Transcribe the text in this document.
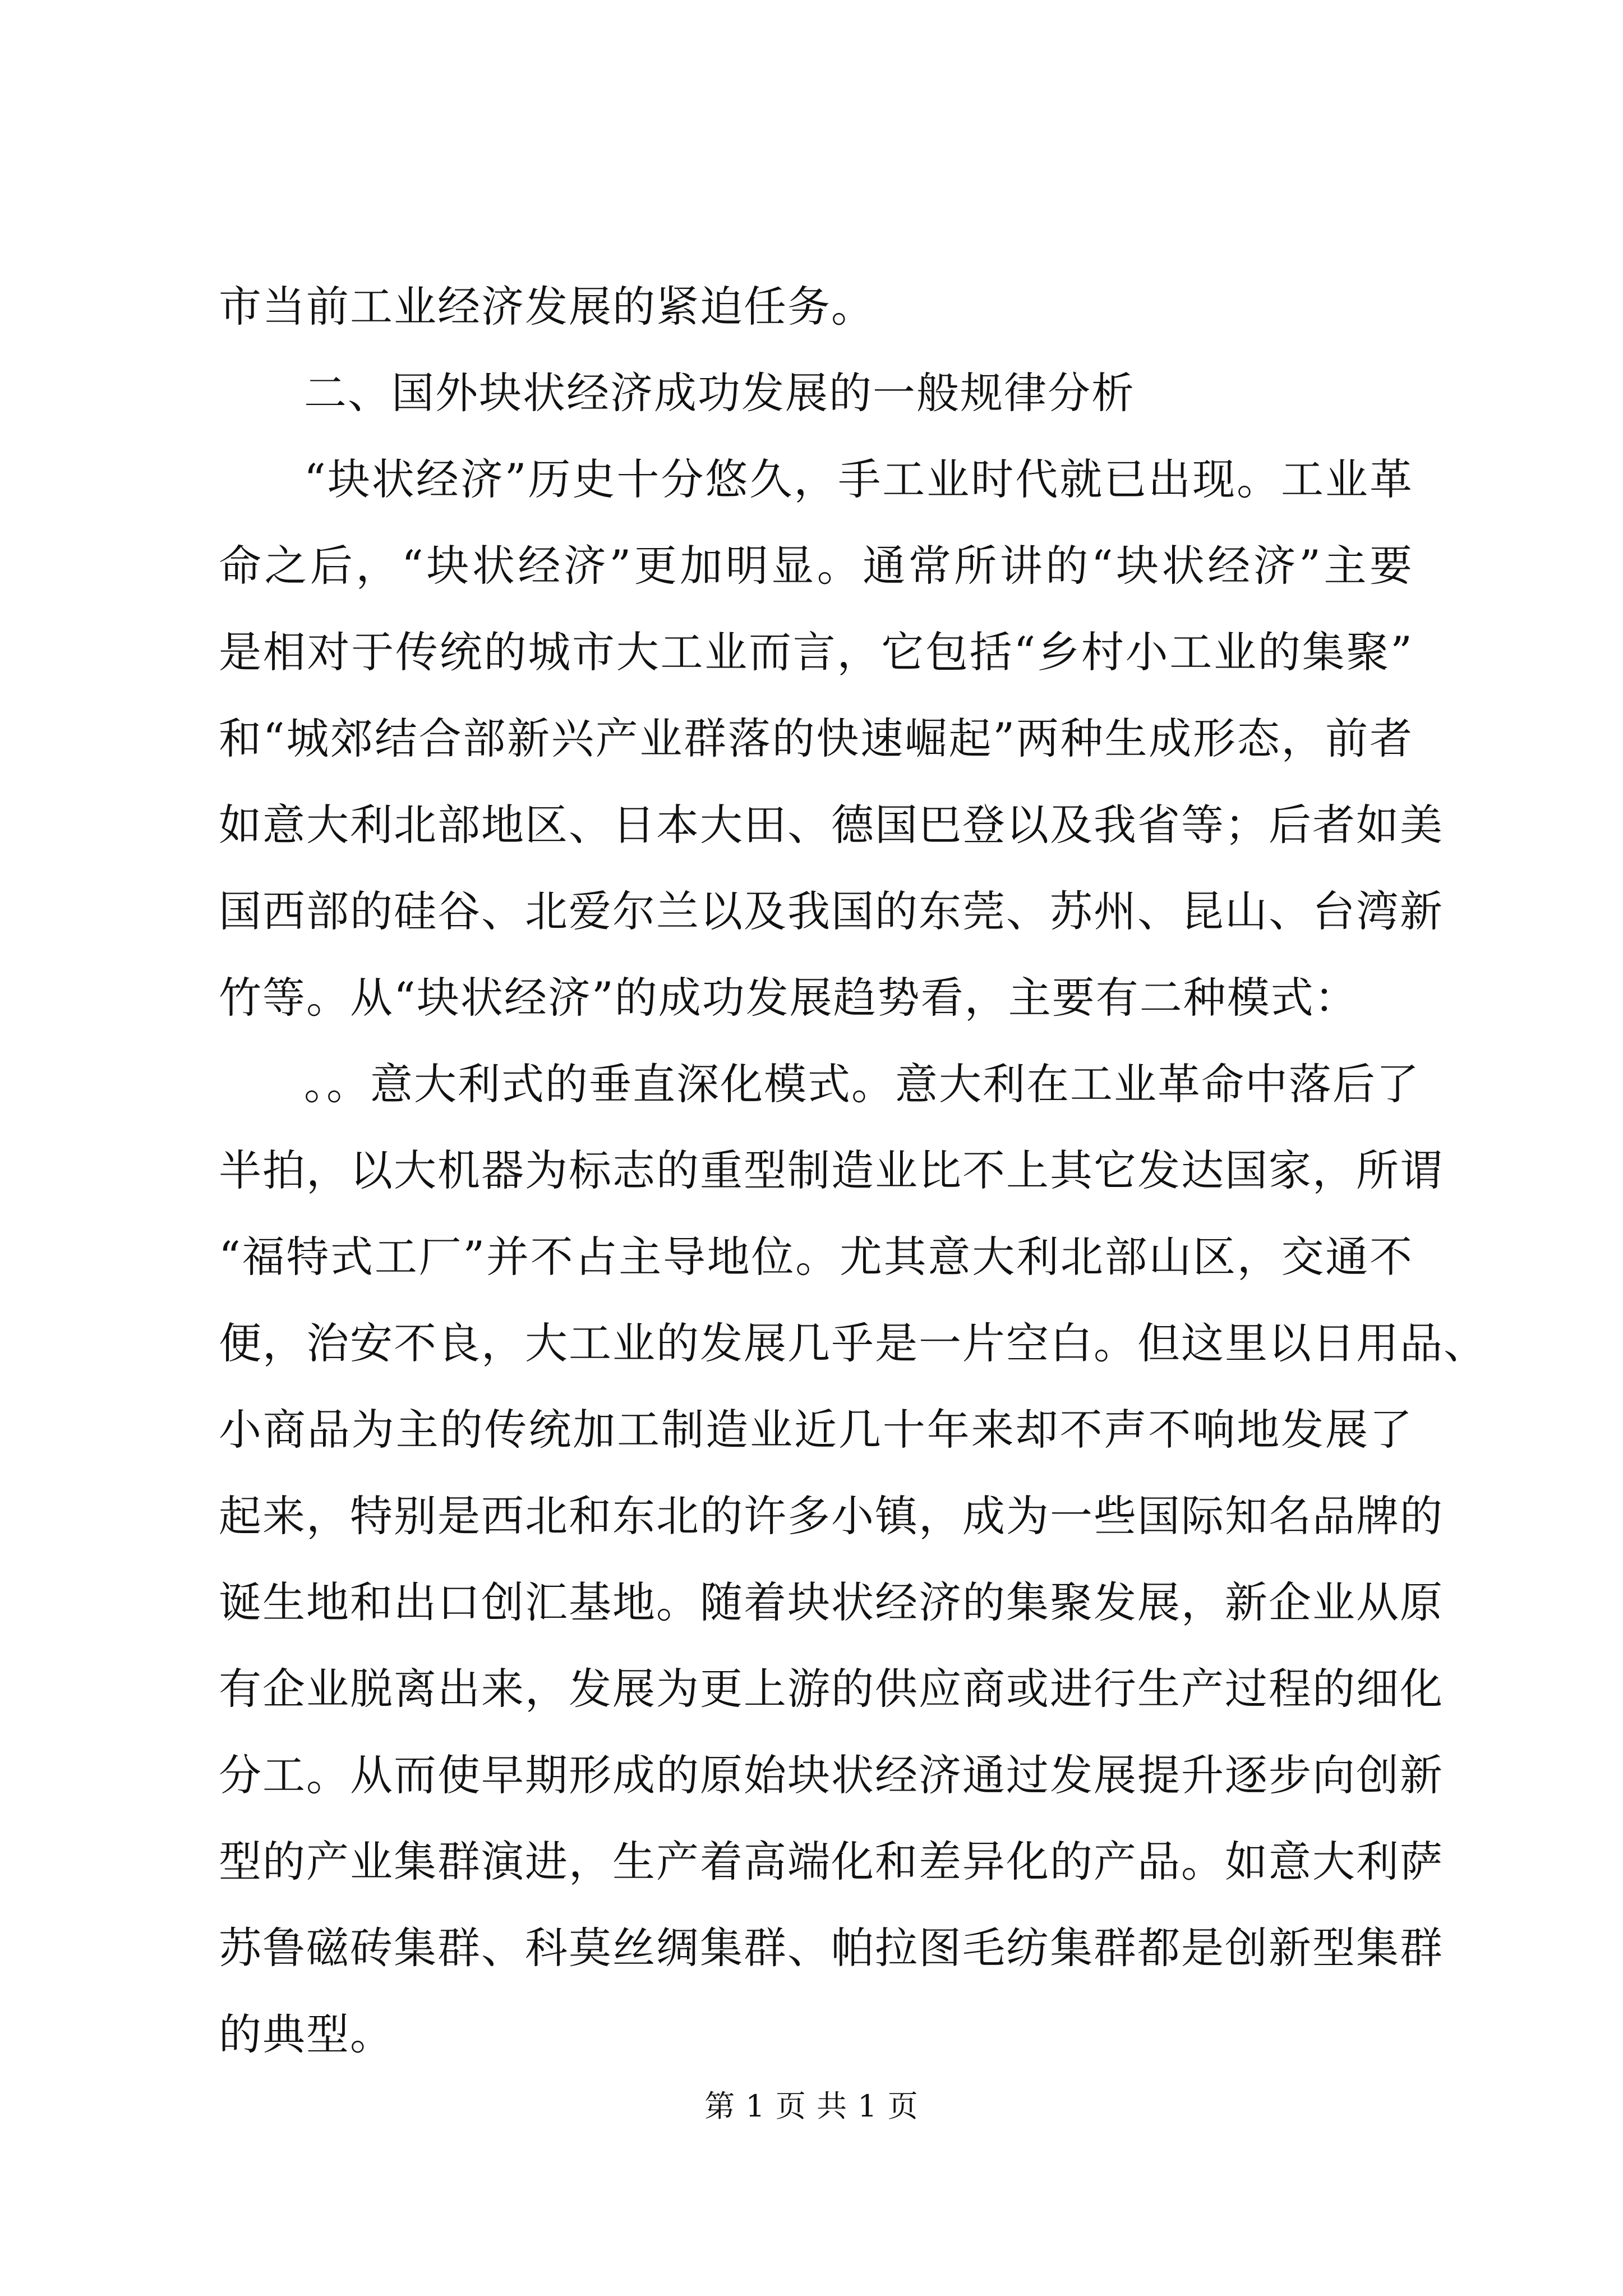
市当前工业经济发展的紧迫任务。
二、国外块状经济成功发展的一般规律分析
“块状经济”历史十分悠久，手工业时代就已出现。工业革
命之后，“块状经济”更加明显。通常所讲的“块状经济”主要
是相对于传统的城市大工业而言，它包括“乡村小工业的集聚”
和“城郊结合部新兴产业群落的快速崛起”两种生成形态，前者
如意大利北部地区、日本大田、德国巴登以及我省等；后者如美
国西部的硅谷、北爱尔兰以及我国的东莞、苏州、昆山、台湾新
竹等。从“块状经济”的成功发展趋势看，主要有二种模式：
。。意大利式的垂直深化模式。意大利在工业革命中落后了
半拍，以大机器为标志的重型制造业比不上其它发达国家，所谓
“福特式工厂”并不占主导地位。尤其意大利北部山区，交通不
便，治安不良，大工业的发展几乎是一片空白。但这里以日用品、
小商品为主的传统加工制造业近几十年来却不声不响地发展了
起来，特别是西北和东北的许多小镇，成为一些国际知名品牌的
诞生地和出口创汇基地。随着块状经济的集聚发展，新企业从原
有企业脱离出来，发展为更上游的供应商或进行生产过程的细化
分工。从而使早期形成的原始块状经济通过发展提升逐步向创新
型的产业集群演进，生产着高端化和差异化的产品。如意大利萨
苏鲁磁砖集群、科莫丝绸集群、帕拉图毛纺集群都是创新型集群
的典型。
第 1 页 共 1 页
